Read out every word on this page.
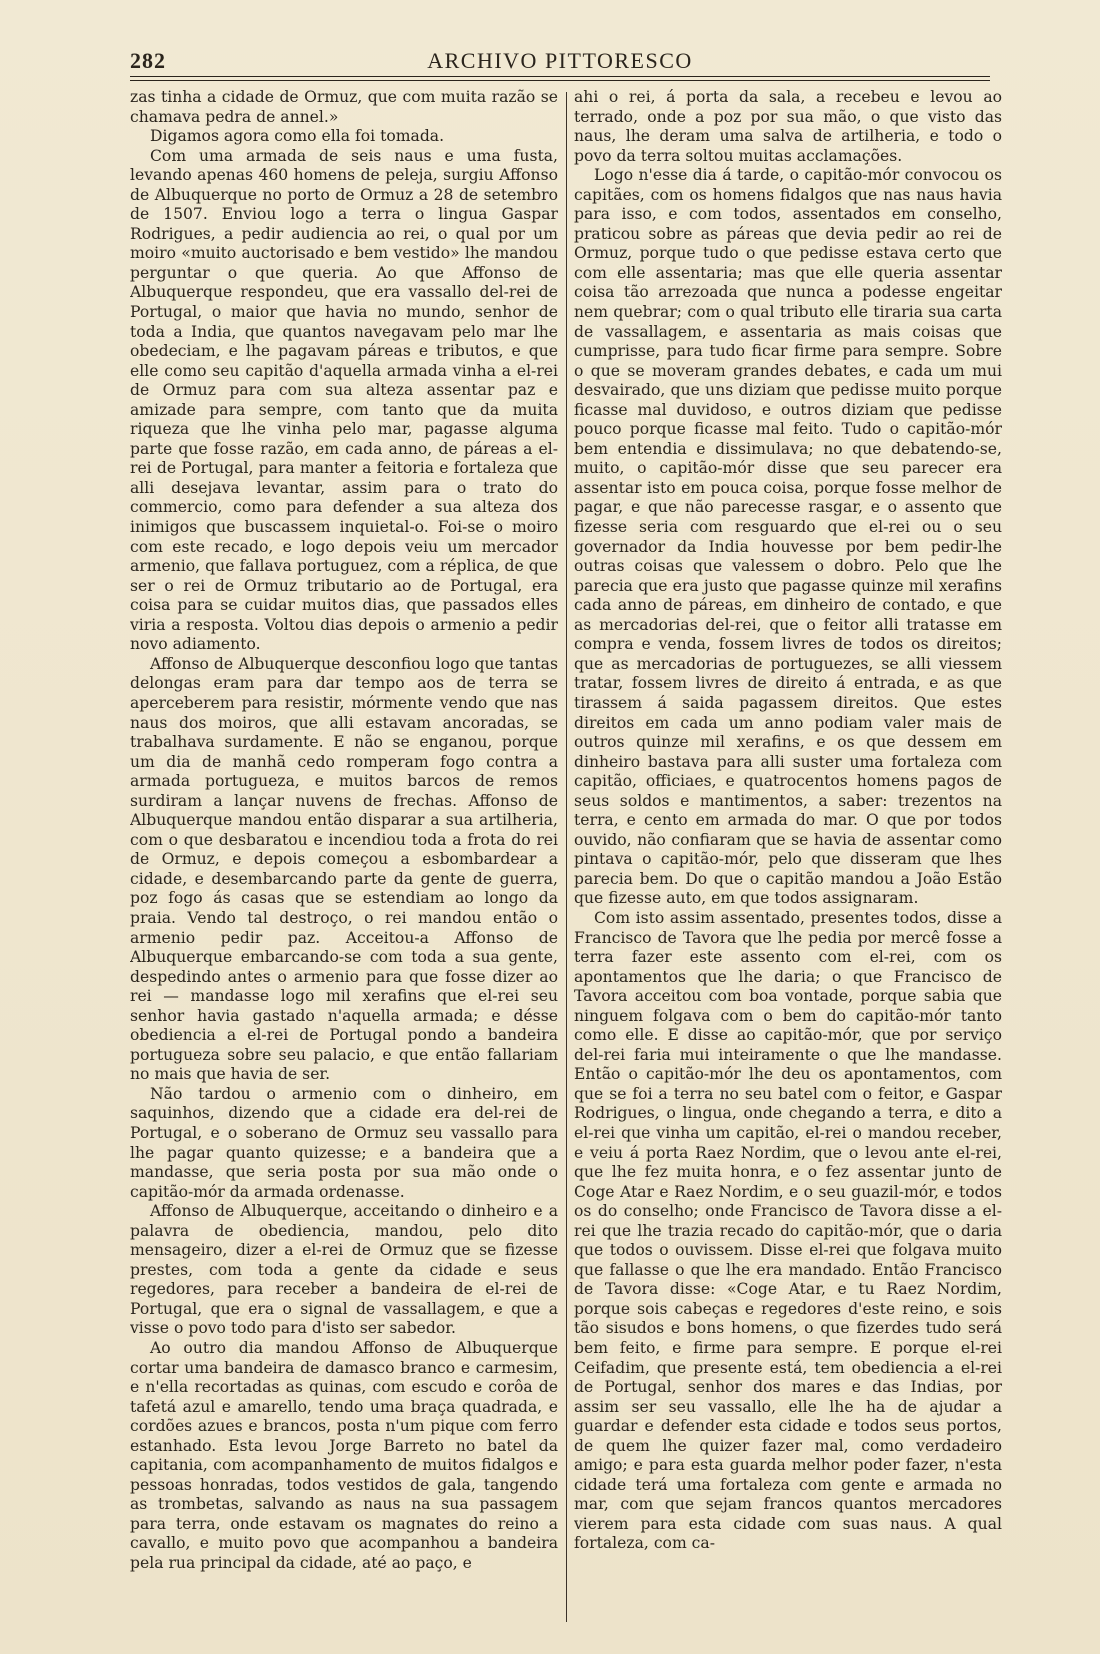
282	ARCHIVO PITTORESCO

zas tinha a cidade de Ormuz, que com muita razão se chamava pedra de annel.»

Digamos agora como ella foi tomada.

Com uma armada de seis naus e uma fusta, levando apenas 460 homens de peleja, surgiu Affonso de Albuquerque no porto de Ormuz a 28 de setembro de 1507. Enviou logo a terra o lingua Gaspar Rodrigues, a pedir audiencia ao rei, o qual por um moiro «muito auctorisado e bem vestido» lhe mandou perguntar o que queria. Ao que Affonso de Albuquerque respondeu, que era vassallo del-rei de Portugal, o maior que havia no mundo, senhor de toda a India, que quantos navegavam pelo mar lhe obedeciam, e lhe pagavam páreas e tributos, e que elle como seu capitão d'aquella armada vinha a el-rei de Ormuz para com sua alteza assentar paz e amizade para sempre, com tanto que da muita riqueza que lhe vinha pelo mar, pagasse alguma parte que fosse razão, em cada anno, de páreas a el-rei de Portugal, para manter a feitoria e fortaleza que alli desejava levantar, assim para o trato do commercio, como para defender a sua alteza dos inimigos que buscassem inquietal-o. Foi-se o moiro com este recado, e logo depois veiu um mercador armenio, que fallava portuguez, com a réplica, de que ser o rei de Ormuz tributario ao de Portugal, era coisa para se cuidar muitos dias, que passados elles viria a resposta. Voltou dias depois o armenio a pedir novo adiamento.

Affonso de Albuquerque desconfiou logo que tantas delongas eram para dar tempo aos de terra se aperceberem para resistir, mórmente vendo que nas naus dos moiros, que alli estavam ancoradas, se trabalhava surdamente. E não se enganou, porque um dia de manhã cedo romperam fogo contra a armada portugueza, e muitos barcos de remos surdiram a lançar nuvens de frechas. Affonso de Albuquerque mandou então disparar a sua artilheria, com o que desbaratou e incendiou toda a frota do rei de Ormuz, e depois começou a esbombardear a cidade, e desembarcando parte da gente de guerra, poz fogo ás casas que se estendiam ao longo da praia. Vendo tal destroço, o rei mandou então o armenio pedir paz. Acceitou-a Affonso de Albuquerque embarcando-se com toda a sua gente, despedindo antes o armenio para que fosse dizer ao rei — mandasse logo mil xerafins que el-rei seu senhor havia gastado n'aquella armada; e désse obediencia a el-rei de Portugal pondo a bandeira portugueza sobre seu palacio, e que então fallariam no mais que havia de ser.

Não tardou o armenio com o dinheiro, em saquinhos, dizendo que a cidade era del-rei de Portugal, e o soberano de Ormuz seu vassallo para lhe pagar quanto quizesse; e a bandeira que a mandasse, que seria posta por sua mão onde o capitão-mór da armada ordenasse.

Affonso de Albuquerque, acceitando o dinheiro e a palavra de obediencia, mandou, pelo dito mensageiro, dizer a el-rei de Ormuz que se fizesse prestes, com toda a gente da cidade e seus regedores, para receber a bandeira de el-rei de Portugal, que era o signal de vassallagem, e que a visse o povo todo para d'isto ser sabedor.

Ao outro dia mandou Affonso de Albuquerque cortar uma bandeira de damasco branco e carmesim, e n'ella recortadas as quinas, com escudo e corôa de tafetá azul e amarello, tendo uma braça quadrada, e cordões azues e brancos, posta n'um pique com ferro estanhado. Esta levou Jorge Barreto no batel da capitania, com acompanhamento de muitos fidalgos e pessoas honradas, todos vestidos de gala, tangendo as trombetas, salvando as naus na sua passagem para terra, onde estavam os magnates do reino a cavallo, e muito povo que acompanhou a bandeira pela rua principal da cidade, até ao paço, e

ahi o rei, á porta da sala, a recebeu e levou ao terrado, onde a poz por sua mão, o que visto das naus, lhe deram uma salva de artilheria, e todo o povo da terra soltou muitas acclamações.

Logo n'esse dia á tarde, o capitão-mór convocou os capitães, com os homens fidalgos que nas naus havia para isso, e com todos, assentados em conselho, praticou sobre as páreas que devia pedir ao rei de Ormuz, porque tudo o que pedisse estava certo que com elle assentaria; mas que elle queria assentar coisa tão arrezoada que nunca a podesse engeitar nem quebrar; com o qual tributo elle tiraria sua carta de vassallagem, e assentaria as mais coisas que cumprisse, para tudo ficar firme para sempre. Sobre o que se moveram grandes debates, e cada um mui desvairado, que uns diziam que pedisse muito porque ficasse mal duvidoso, e outros diziam que pedisse pouco porque ficasse mal feito. Tudo o capitão-mór bem entendia e dissimulava; no que debatendo-se, muito, o capitão-mór disse que seu parecer era assentar isto em pouca coisa, porque fosse melhor de pagar, e que não parecesse rasgar, e o assento que fizesse seria com resguardo que el-rei ou o seu governador da India houvesse por bem pedir-lhe outras coisas que valessem o dobro. Pelo que lhe parecia que era justo que pagasse quinze mil xerafins cada anno de páreas, em dinheiro de contado, e que as mercadorias del-rei, que o feitor alli tratasse em compra e venda, fossem livres de todos os direitos; que as mercadorias de portuguezes, se alli viessem tratar, fossem livres de direito á entrada, e as que tirassem á saida pagassem direitos. Que estes direitos em cada um anno podiam valer mais de outros quinze mil xerafins, e os que dessem em dinheiro bastava para alli suster uma fortaleza com capitão, officiaes, e quatrocentos homens pagos de seus soldos e mantimentos, a saber: trezentos na terra, e cento em armada do mar. O que por todos ouvido, não confiaram que se havia de assentar como pintava o capitão-mór, pelo que disseram que lhes parecia bem. Do que o capitão mandou a João Estão que fizesse auto, em que todos assignaram.

Com isto assim assentado, presentes todos, disse a Francisco de Tavora que lhe pedia por mercê fosse a terra fazer este assento com el-rei, com os apontamentos que lhe daria; o que Francisco de Tavora acceitou com boa vontade, porque sabia que ninguem folgava com o bem do capitão-mór tanto como elle. E disse ao capitão-mór, que por serviço del-rei faria mui inteiramente o que lhe mandasse. Então o capitão-mór lhe deu os apontamentos, com que se foi a terra no seu batel com o feitor, e Gaspar Rodrigues, o lingua, onde chegando a terra, e dito a el-rei que vinha um capitão, el-rei o mandou receber, e veiu á porta Raez Nordim, que o levou ante el-rei, que lhe fez muita honra, e o fez assentar junto de Coge Atar e Raez Nordim, e o seu guazil-mór, e todos os do conselho; onde Francisco de Tavora disse a el-rei que lhe trazia recado do capitão-mór, que o daria que todos o ouvissem. Disse el-rei que folgava muito que fallasse o que lhe era mandado. Então Francisco de Tavora disse: «Coge Atar, e tu Raez Nordim, porque sois cabeças e regedores d'este reino, e sois tão sisudos e bons homens, o que fizerdes tudo será bem feito, e firme para sempre. E porque el-rei Ceifadim, que presente está, tem obediencia a el-rei de Portugal, senhor dos mares e das Indias, por assim ser seu vassallo, elle lhe ha de ajudar a guardar e defender esta cidade e todos seus portos, de quem lhe quizer fazer mal, como verdadeiro amigo; e para esta guarda melhor poder fazer, n'esta cidade terá uma fortaleza com gente e armada no mar, com que sejam francos quantos mercadores vierem para esta cidade com suas naus. A qual fortaleza, com ca-
